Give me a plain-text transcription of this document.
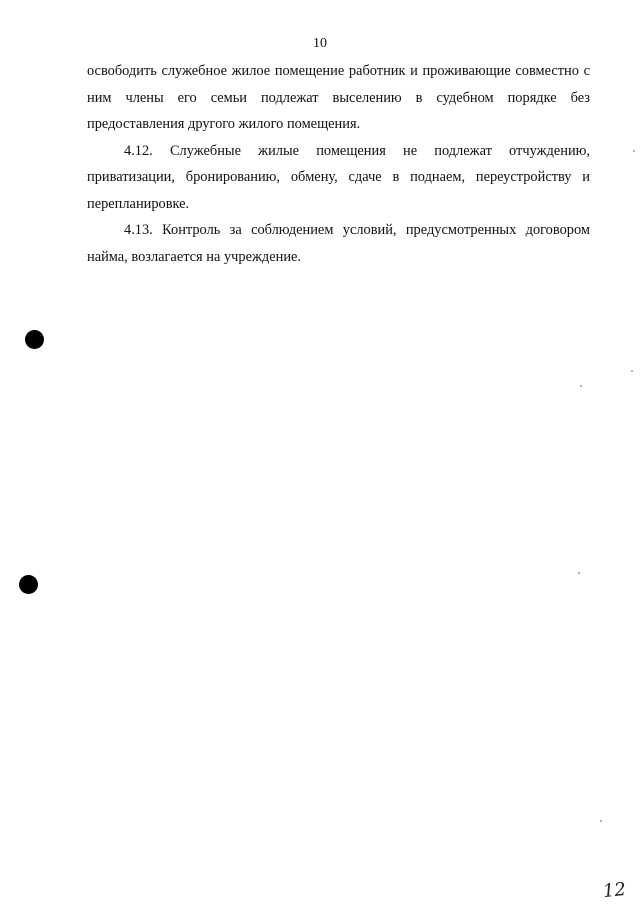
10

освободить служебное жилое помещение работник и проживающие совместно с ним члены его семьи подлежат выселению в судебном порядке без предоставления другого жилого помещения.

4.12. Служебные жилые помещения не подлежат отчуждению, приватизации, бронированию, обмену, сдаче в поднаем, переустройству и перепланировке.

4.13. Контроль за соблюдением условий, предусмотренных договором найма, возлагается на учреждение.

12
